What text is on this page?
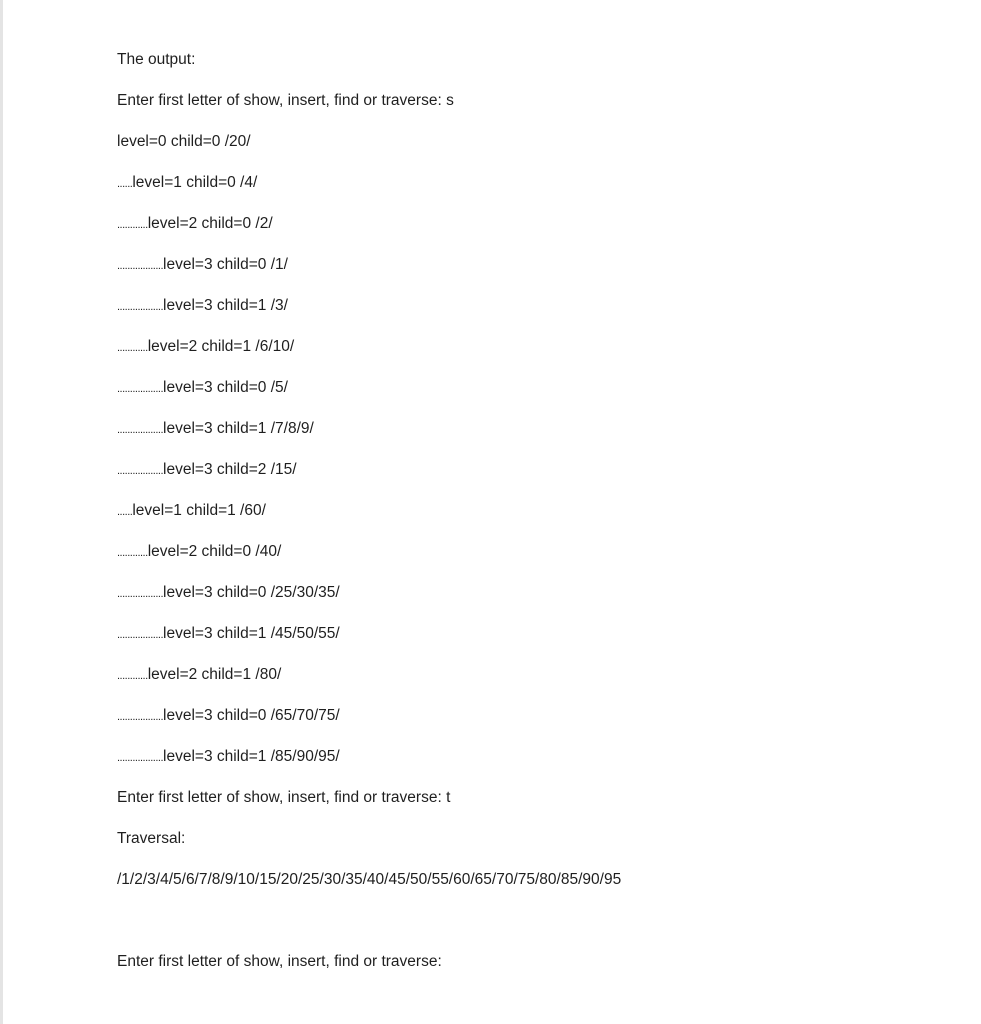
The output:
Enter first letter of show, insert, find or traverse: s
level=0 child=0 /20/
......level=1 child=0 /4/
............level=2 child=0 /2/
..................level=3 child=0 /1/
..................level=3 child=1 /3/
............level=2 child=1 /6/10/
..................level=3 child=0 /5/
..................level=3 child=1 /7/8/9/
..................level=3 child=2 /15/
......level=1 child=1 /60/
............level=2 child=0 /40/
..................level=3 child=0 /25/30/35/
..................level=3 child=1 /45/50/55/
............level=2 child=1 /80/
..................level=3 child=0 /65/70/75/
..................level=3 child=1 /85/90/95/
Enter first letter of show, insert, find or traverse: t
Traversal:
/1/2/3/4/5/6/7/8/9/10/15/20/25/30/35/40/45/50/55/60/65/70/75/80/85/90/95
Enter first letter of show, insert, find or traverse:
